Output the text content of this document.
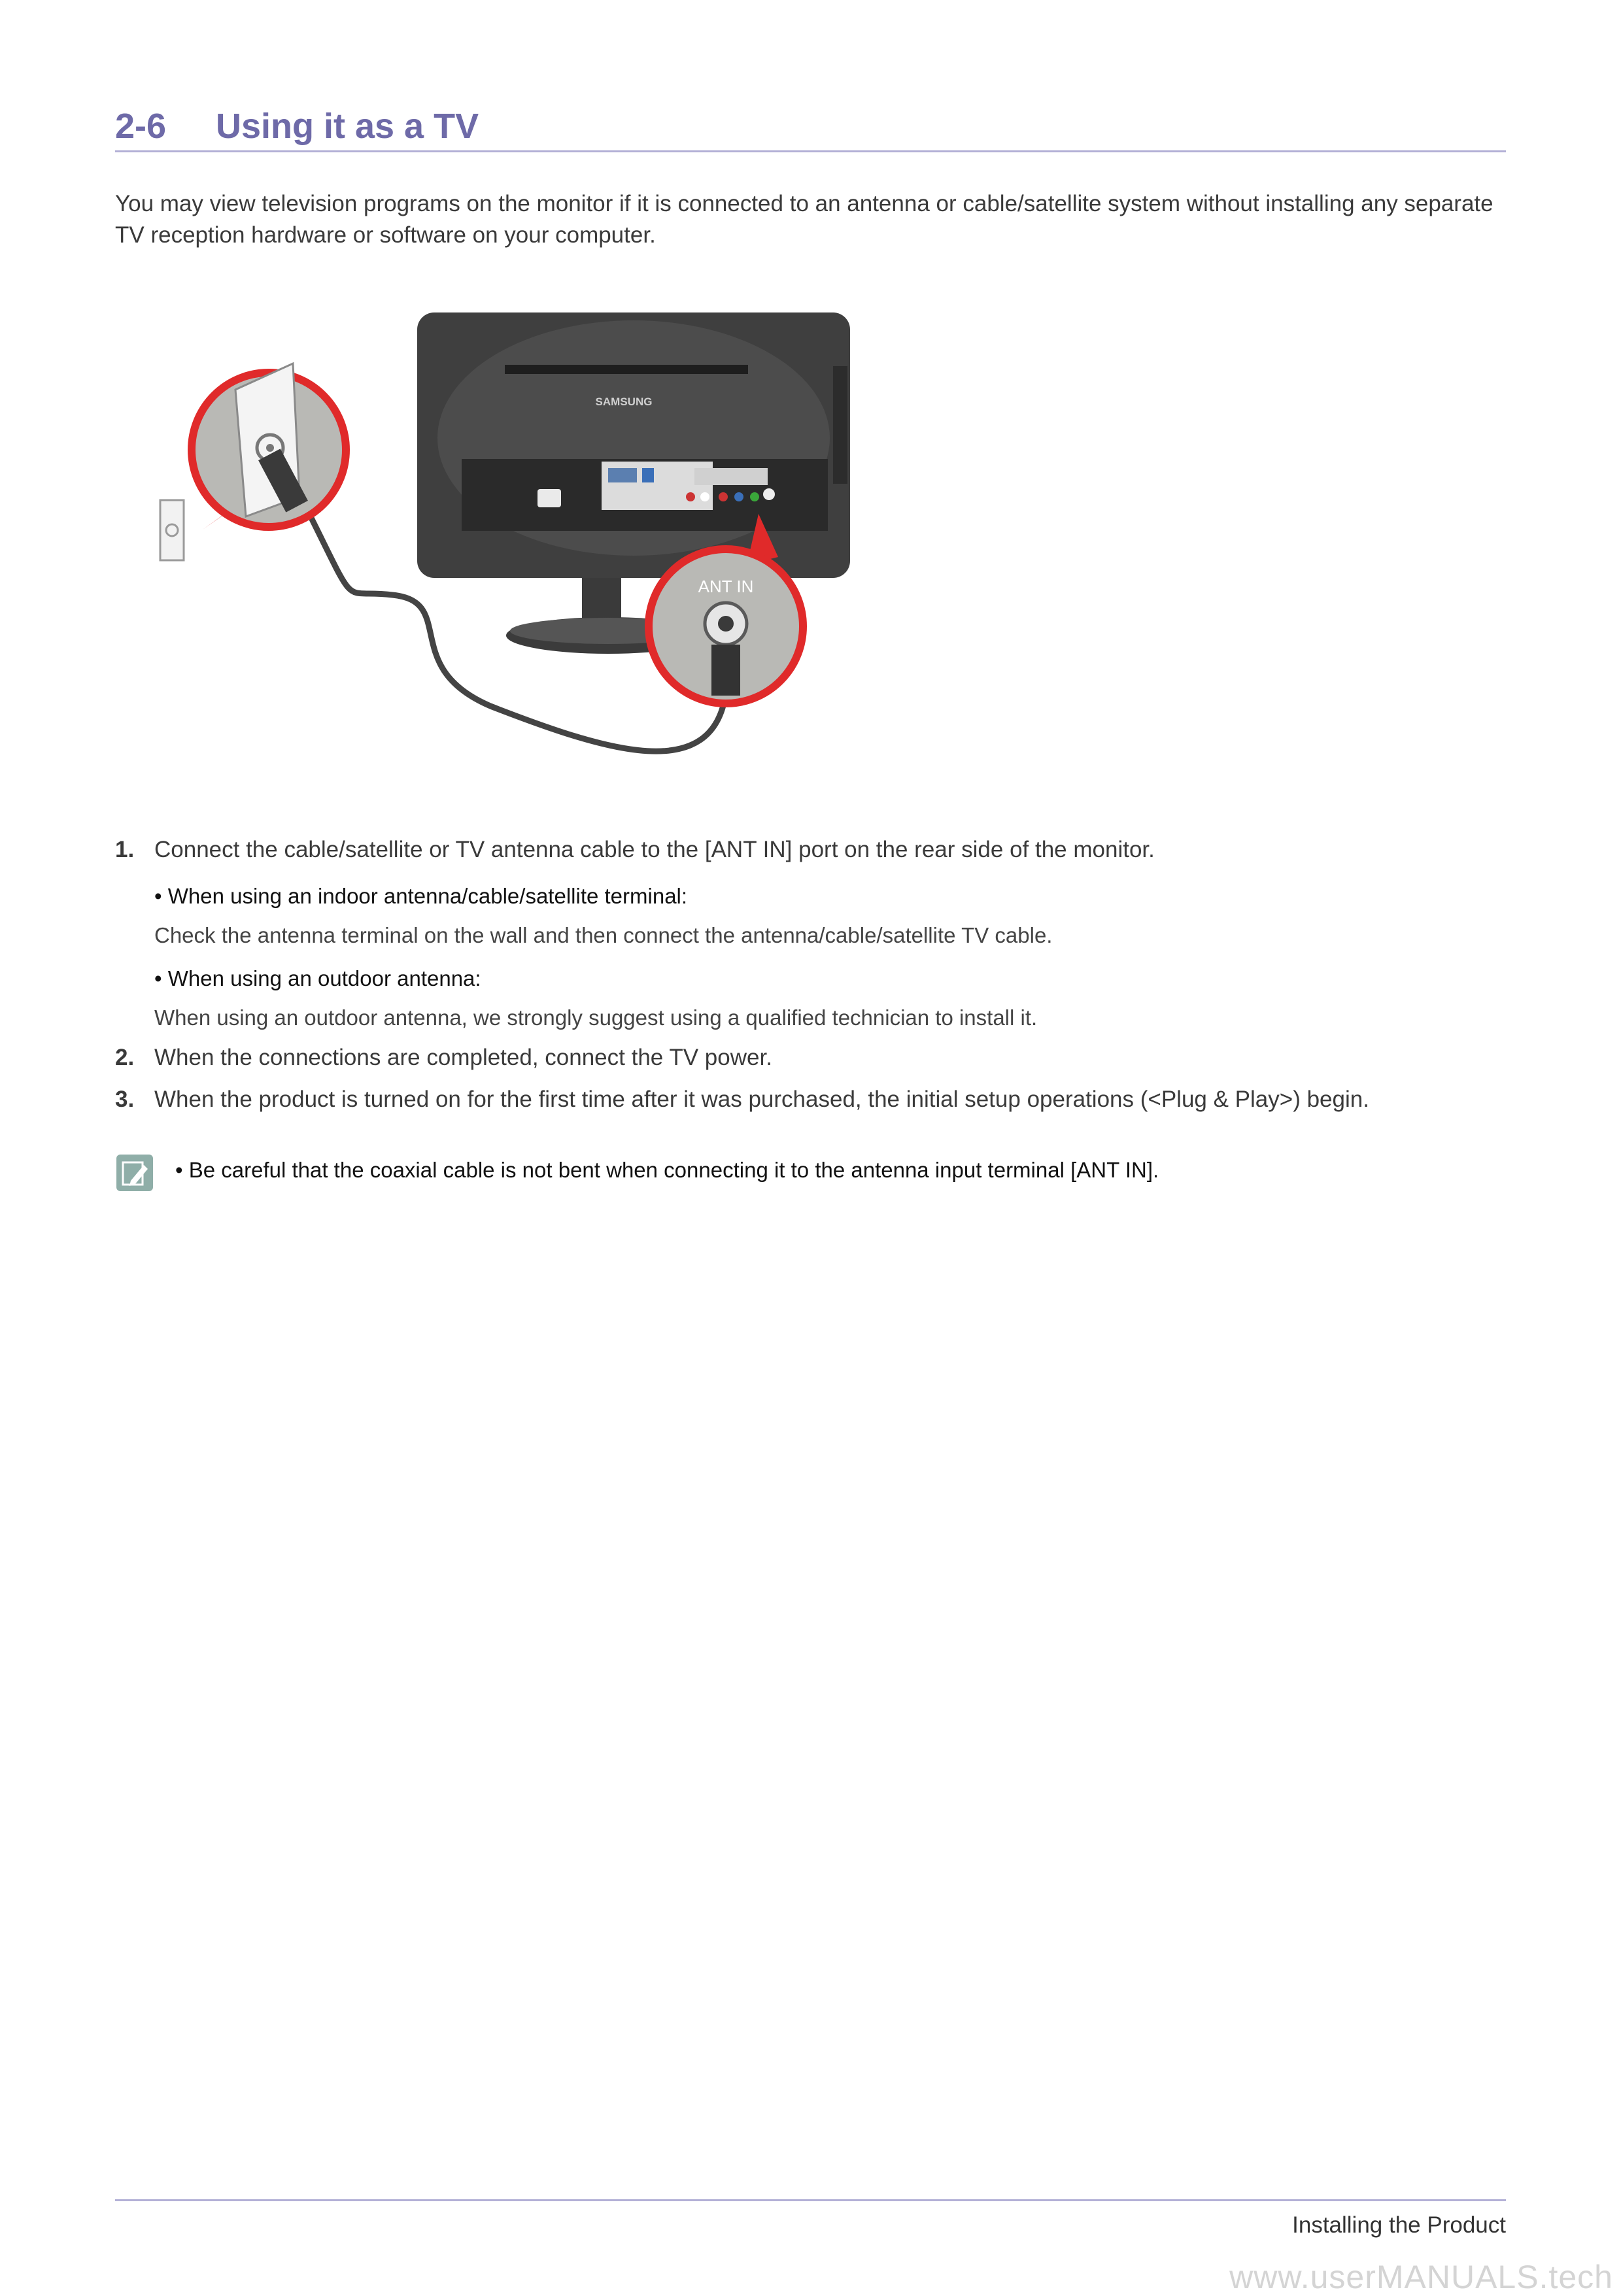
2-6 Using it as a TV

You may view television programs on the monitor if it is connected to an antenna or cable/satellite system without installing any separate TV reception hardware or software on your computer.

SAMSUNG
ANT IN
1. Connect the cable/satellite or TV antenna cable to the [ANT IN] port on the rear side of the monitor.
• When using an indoor antenna/cable/satellite terminal:
Check the antenna terminal on the wall and then connect the antenna/cable/satellite TV cable.
• When using an outdoor antenna:
When using an outdoor antenna, we strongly suggest using a qualified technician to install it.
2. When the connections are completed, connect the TV power.
3. When the product is turned on for the first time after it was purchased, the initial setup operations (<Plug & Play>) begin.
• Be careful that the coaxial cable is not bent when connecting it to the antenna input terminal [ANT IN].
Installing the Product
www.userMANUALS.tech
